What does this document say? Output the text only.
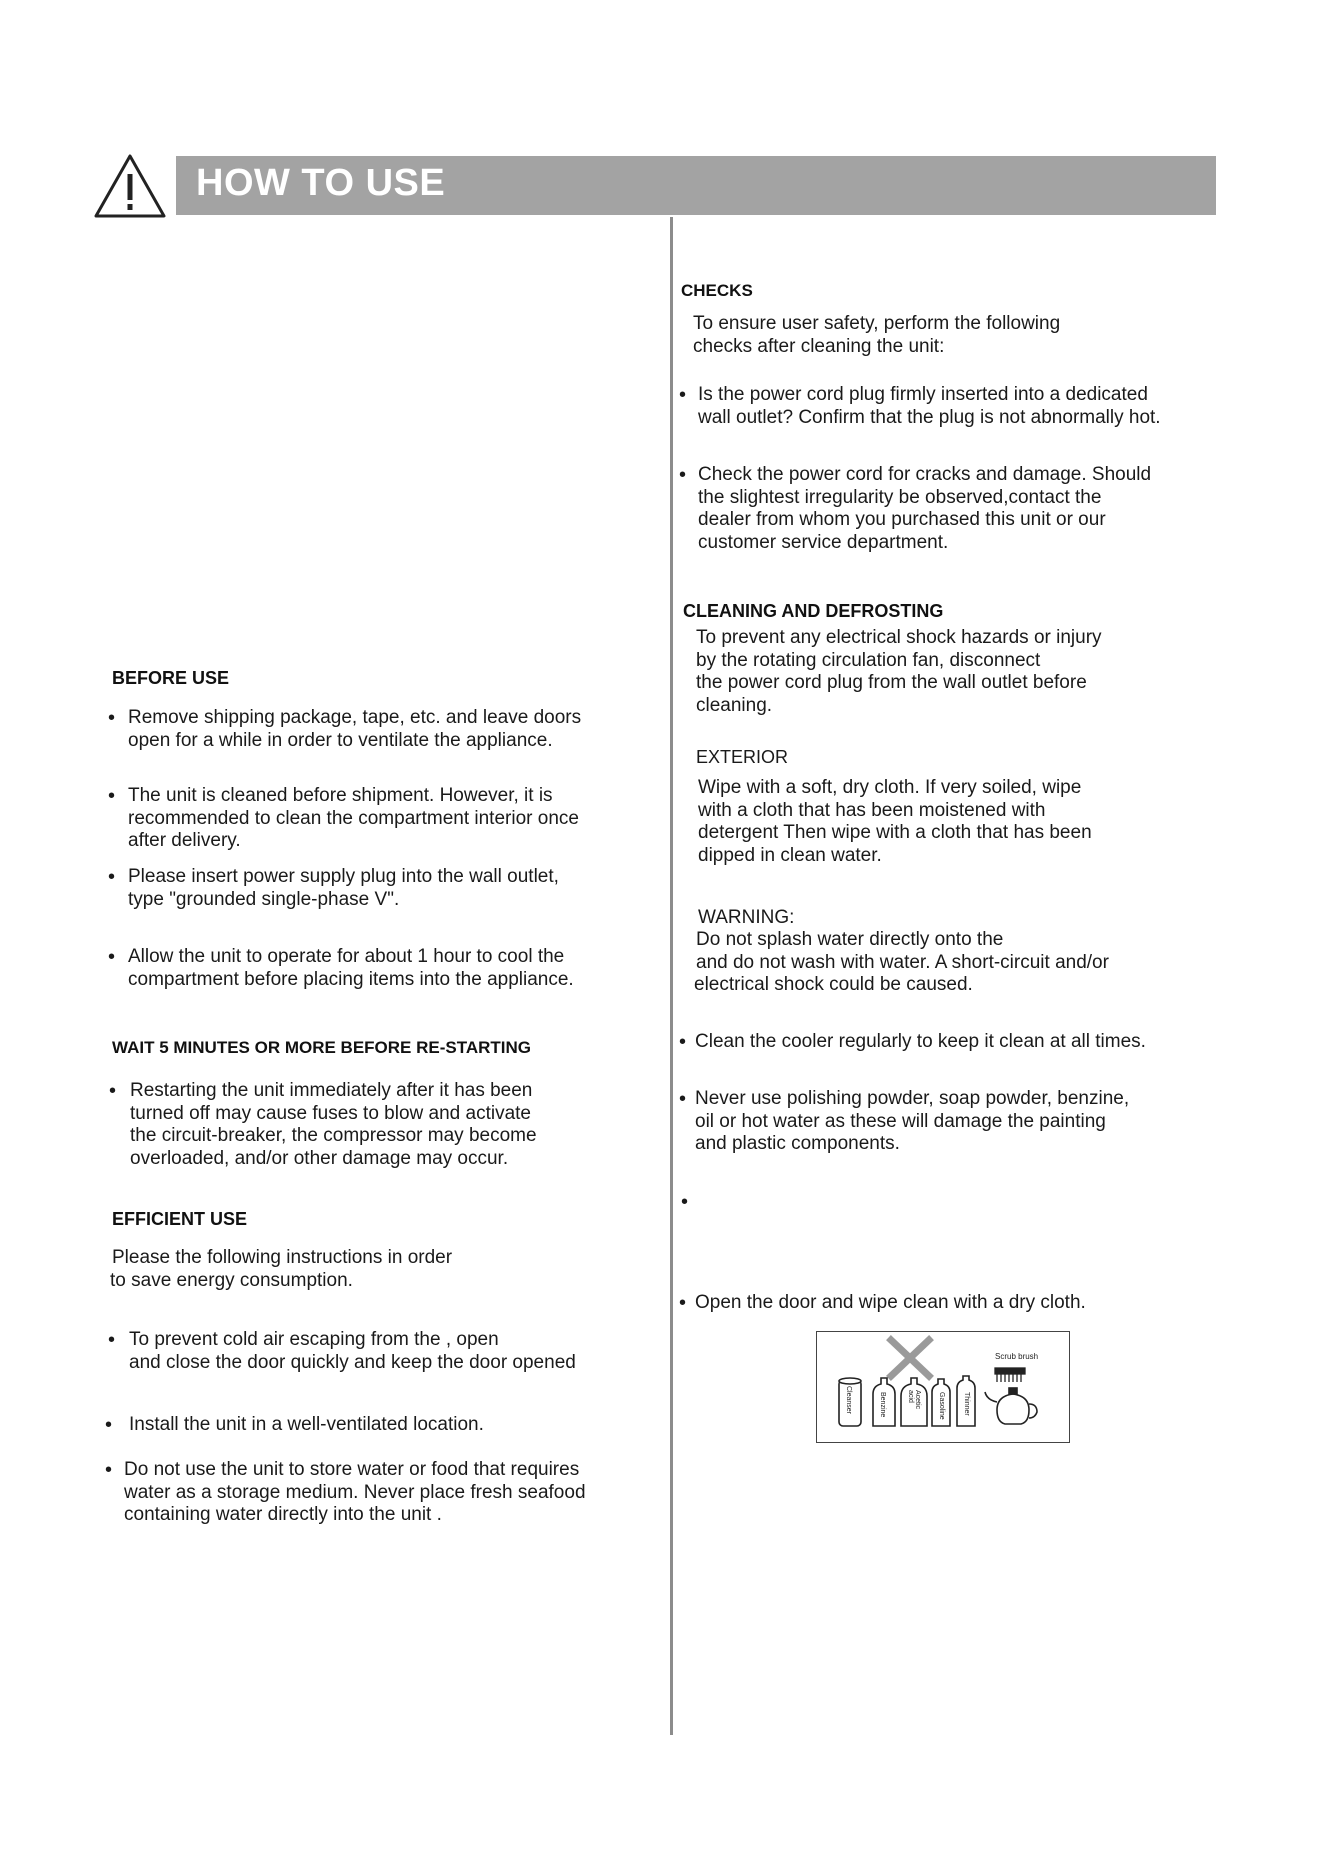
HOW TO USE
BEFORE USE
• Remove shipping package, tape, etc. and leave doors
open for a while in order to ventilate the appliance.
• The unit is cleaned before shipment. However, it is
recommended to clean the compartment interior once
after delivery.
• Please insert power supply plug into the wall outlet,
type "grounded single-phase V".
• Allow the unit to operate for about 1 hour to cool the
compartment before placing items into the appliance.
WAIT 5 MINUTES OR MORE BEFORE RE-STARTING
• Restarting the unit immediately after it has been
turned off may cause fuses to blow and activate
the circuit-breaker, the compressor may become
overloaded, and/or other damage may occur.
EFFICIENT USE
Please the following instructions in order
to save energy consumption.
• To prevent cold air escaping from the , open
and close the door quickly and keep the door opened
• Install the unit in a well-ventilated location.
• Do not use the unit to store water or food that requires
water as a storage medium. Never place fresh seafood
containing water directly into the unit .
CHECKS
To ensure user safety, perform the following
checks after cleaning the unit:
• Is the power cord plug firmly inserted into a dedicated
wall outlet? Confirm that the plug is not abnormally hot.
• Check the power cord for cracks and damage. Should
the slightest irregularity be observed,contact the
dealer from whom you purchased this unit or our
customer service department.
CLEANING AND DEFROSTING
To prevent any electrical shock hazards or injury
by the rotating circulation fan, disconnect
the power cord plug from the wall outlet before
cleaning.
EXTERIOR
Wipe with a soft, dry cloth. If very soiled, wipe
with a cloth that has been moistened with
detergent Then wipe with a cloth that has been
dipped in clean water.
WARNING:
Do not splash water directly onto the
and do not wash with water. A short-circuit and/or
electrical shock could be caused.
• Clean the cooler regularly to keep it clean at all times.
• Never use polishing powder, soap powder, benzine,
oil or hot water as these will damage the painting
and plastic components.
•
• Open the door and wipe clean with a dry cloth.
Cleanser	Benzine	Acetic acid	Gasoline	Thinner
Scrub brush
